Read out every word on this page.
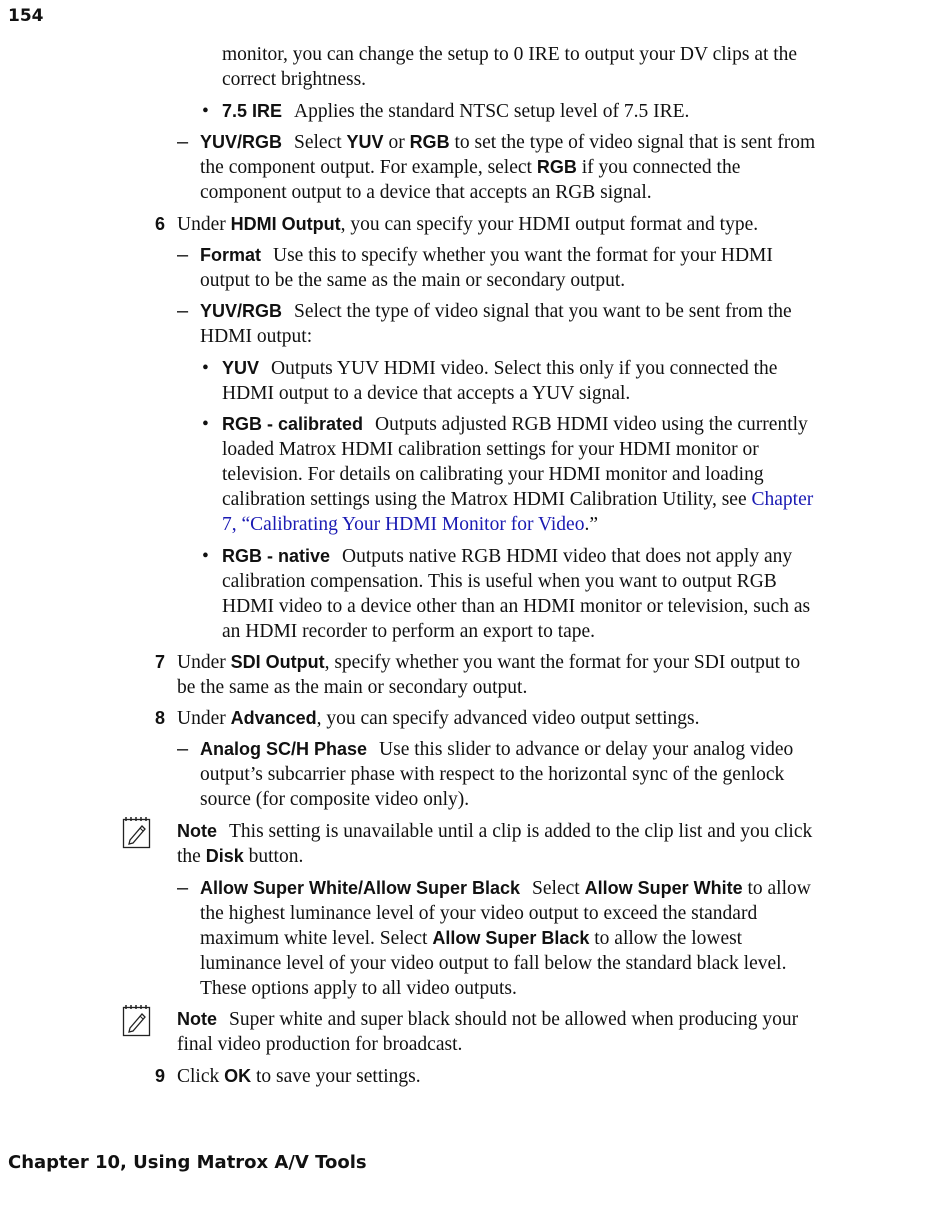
154

monitor, you can change the setup to 0 IRE to output your DV clips at the correct brightness.

• 7.5 IRE Applies the standard NTSC setup level of 7.5 IRE.

– YUV/RGB Select YUV or RGB to set the type of video signal that is sent from the component output. For example, select RGB if you connected the component output to a device that accepts an RGB signal.

6 Under HDMI Output, you can specify your HDMI output format and type.

– Format Use this to specify whether you want the format for your HDMI output to be the same as the main or secondary output.

– YUV/RGB Select the type of video signal that you want to be sent from the HDMI output:

• YUV Outputs YUV HDMI video. Select this only if you connected the HDMI output to a device that accepts a YUV signal.

• RGB - calibrated Outputs adjusted RGB HDMI video using the currently loaded Matrox HDMI calibration settings for your HDMI monitor or television. For details on calibrating your HDMI monitor and loading calibration settings using the Matrox HDMI Calibration Utility, see Chapter 7, “Calibrating Your HDMI Monitor for Video.”

• RGB - native Outputs native RGB HDMI video that does not apply any calibration compensation. This is useful when you want to output RGB HDMI video to a device other than an HDMI monitor or television, such as an HDMI recorder to perform an export to tape.

7 Under SDI Output, specify whether you want the format for your SDI output to be the same as the main or secondary output.

8 Under Advanced, you can specify advanced video output settings.

– Analog SC/H Phase Use this slider to advance or delay your analog video output’s subcarrier phase with respect to the horizontal sync of the genlock source (for composite video only).

Note This setting is unavailable until a clip is added to the clip list and you click the Disk button.

– Allow Super White/Allow Super Black Select Allow Super White to allow the highest luminance level of your video output to exceed the standard maximum white level. Select Allow Super Black to allow the lowest luminance level of your video output to fall below the standard black level. These options apply to all video outputs.

Note Super white and super black should not be allowed when producing your final video production for broadcast.

9 Click OK to save your settings.

Chapter 10, Using Matrox A/V Tools
